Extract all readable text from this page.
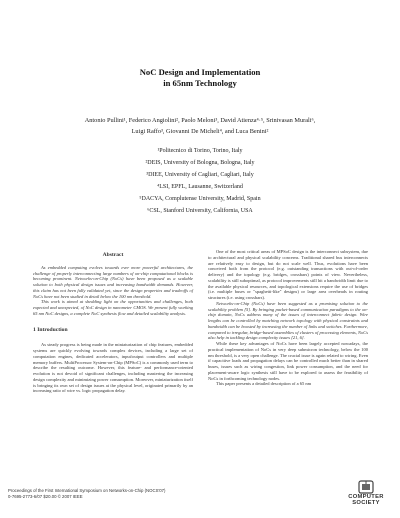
NoC Design and Implementation
in 65nm Technology
Antonio Pullini¹, Federico Angiolini², Paolo Meloni³, David Atienza⁴·⁵, Srinivasan Murali⁶,
Luigi Raffo³, Giovanni De Micheli⁴, and Luca Benini²
¹Politecnico di Torino, Torino, Italy
²DEIS, University of Bologna, Bologna, Italy
³DIEE, University of Cagliari, Cagliari, Italy
⁴LSI, EPFL, Lausanne, Switzerland
⁵DACYA, Complutense University, Madrid, Spain
⁶CSL, Stanford University, California, USA
Abstract

As embedded computing evolves towards ever more powerful architectures, the challenge of properly interconnecting large numbers of on-chip computational blocks is becoming prominent. Networks-on-Chip (NoCs) have been proposed as a scalable solution to both physical design issues and increasing bandwidth demands. However, this claim has not been fully validated yet, since the design properties and tradeoffs of NoCs have not been studied in detail below the 100 nm threshold.

This work is aimed at shedding light on the opportunities and challenges, both expected and unexpected, of NoC design in nanometer CMOS. We present fully working 65 nm NoC designs, a complete NoC synthesis flow and detailed scalability analysis.

1 Introduction

As steady progress is being made in the miniaturization of chip features, embedded systems are quickly evolving towards complex devices, including a large set of computation engines, dedicated accelerators, input/output controllers and multiple memory buffers. MultiProcessor System-on-Chip (MPSoC) is a commonly used term to describe the resulting outcome. However, this feature- and performance-oriented evolution is not devoid of significant challenges, including mastering the increasing design complexity and minimizing power consumption. Moreover, miniaturization itself is bringing its own set of design issues at the physical level, originated primarily by an increasing ratio of wire vs. logic propagation delay.

One of the most critical areas of MPSoC design is the interconnect subsystem, due to architectural and physical scalability concerns. Traditional shared bus interconnects are relatively easy to design, but do not scale well. Thus, evolutions have been conceived both from the protocol (e.g. outstanding transactions with out-of-order delivery) and the topology (e.g. bridges, crossbars) points of view. Nevertheless, scalability is still suboptimal, as protocol improvements still hit a bandwidth limit due to the available physical resources, and topological extensions require the use of bridges (i.e. multiple buses or "spaghetti-like" designs) or large area overheads in routing structures (i.e. using crossbars).

Networks-on-Chip (NoCs) have been suggested as a promising solution to the scalability problem [5]. By bringing packet-based communication paradigms to the on-chip domain, NoCs address many of the issues of interconnect fabric design. Wire lengths can be controlled by matching network topology with physical constraints and bandwidth can be boosted by increasing the number of links and switches. Furthermore, compared to irregular, bridge-based assemblies of clusters of processing elements, NoCs also help in tackling design complexity issues [21, 6].

While these key advantages of NoCs have been largely accepted nowadays, the practical implementation of NoCs in very deep submicron technology, below the 100 nm threshold, is a very open challenge. The crucial issue is again related to wiring. Even if capacitive loads and propagation delays can be controlled much better than in shared buses, issues such as wiring congestion, link power consumption, and the need for placement-aware logic synthesis still have to be explored to assess the feasibility of NoCs in forthcoming technology nodes.

This paper presents a detailed description of a 65 nm

Proceedings of the First International Symposium on Networks-on-Chip (NOCS'07)
0-7695-2773-6/07 $20.00 © 2007 IEEE	COMPUTER
SOCIETY
